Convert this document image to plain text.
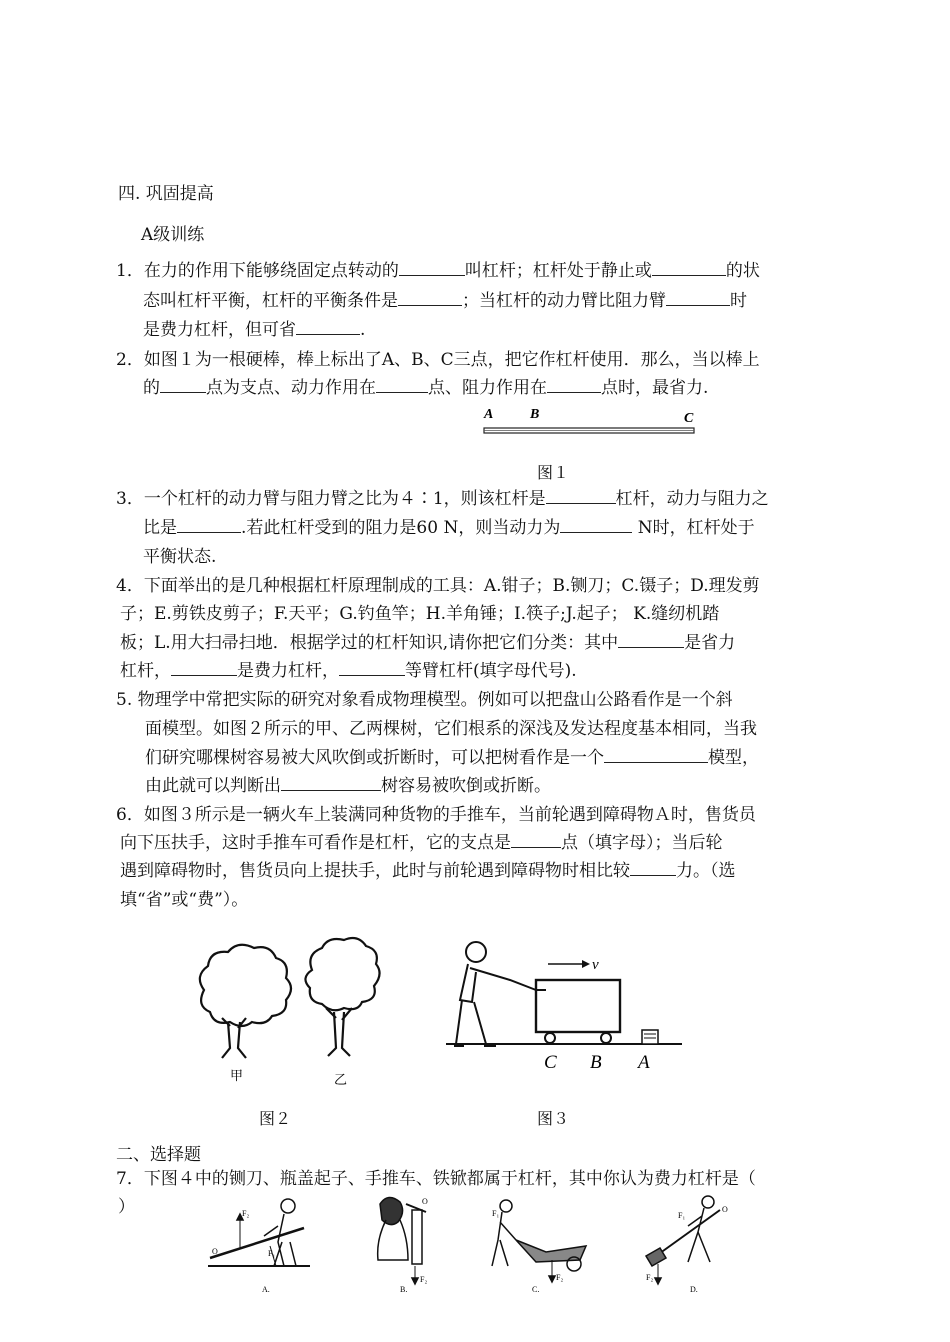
四. 巩固提高
A级训练
1．在力的作用下能够绕固定点转动的	叫杠杆；杠杆处于静止或	的状
态叫杠杆平衡，杠杆的平衡条件是	；当杠杆的动力臂比阻力臂	时
是费力杠杆，但可省	.
2．如图１为一根硬棒，棒上标出了A、B、C三点，把它作杠杆使用．那么，当以棒上
的	点为支点、动力作用在	点、阻力作用在	点时，最省力.
A	B	C
图１
3．一个杠杆的动力臂与阻力臂之比为４∶1，则该杠杆是	杠杆，动力与阻力之
比是	.若此杠杆受到的阻力是60 N，则当动力为	N时，杠杆处于
平衡状态.
4．下面举出的是几种根据杠杆原理制成的工具：A.钳子；B.铡刀；C.镊子；D.理发剪
子；E.剪铁皮剪子；F.天平；G.钓鱼竿；H.羊角锤；I.筷子;J.起子； K.缝纫机踏
板；L.用大扫帚扫地．根据学过的杠杆知识,请你把它们分类：其中	是省力
杠杆，	是费力杠杆，	等臂杠杆(填字母代号).
5. 物理学中常把实际的研究对象看成物理模型。例如可以把盘山公路看作是一个斜
面模型。如图２所示的甲、乙两棵树，它们根系的深浅及发达程度基本相同，当我
们研究哪棵树容易被大风吹倒或折断时，可以把树看作是一个	模型，
由此就可以判断出	树容易被吹倒或折断。
6．如图３所示是一辆火车上装满同种货物的手推车，当前轮遇到障碍物Ａ时，售货员
向下压扶手，这时手推车可看作是杠杆，它的支点是	点（填字母）；当后轮
遇到障碍物时，售货员向上提扶手，此时与前轮遇到障碍物时相比较	力。（选
填“省”或“费”）。
甲	乙
图２
v
C B A
图３
二、选择题
7．下图４中的铡刀、瓶盖起子、手推车、铁锨都属于杠杆，其中你认为费力杠杆是（
）	F₂
F₁
O
A.
O
F₂
B.
F₁
F₂
C.
F₁
O
F₂
D.
